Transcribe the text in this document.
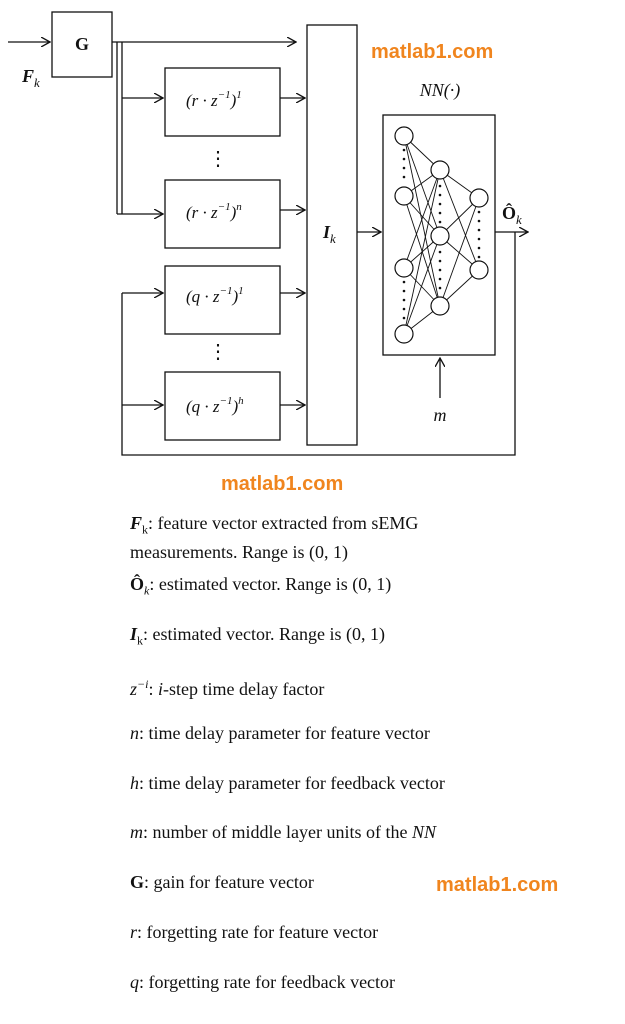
$F_k$
G
$(r \cdot z^{-1})^1$
$(r \cdot z^{-1})^n$
$(q \cdot z^{-1})^1$
$(q \cdot z^{-1})^h$
⋮
⋮
$I_k$
NN(·)
$Ô_k$
m
matlab1.com
matlab1.com
matlab1.com
$F_k$: feature vector extracted from sEMG
measurements. Range is (0, 1)
$Ô_k$: estimated vector. Range is (0, 1)
$I_k$: estimated vector. Range is (0, 1)
$z^{-i}$: i-step time delay factor
n: time delay parameter for feature vector
h: time delay parameter for feedback vector
m: number of middle layer units of the NN
G: gain for feature vector
r: forgetting rate for feature vector
q: forgetting rate for feedback vector
